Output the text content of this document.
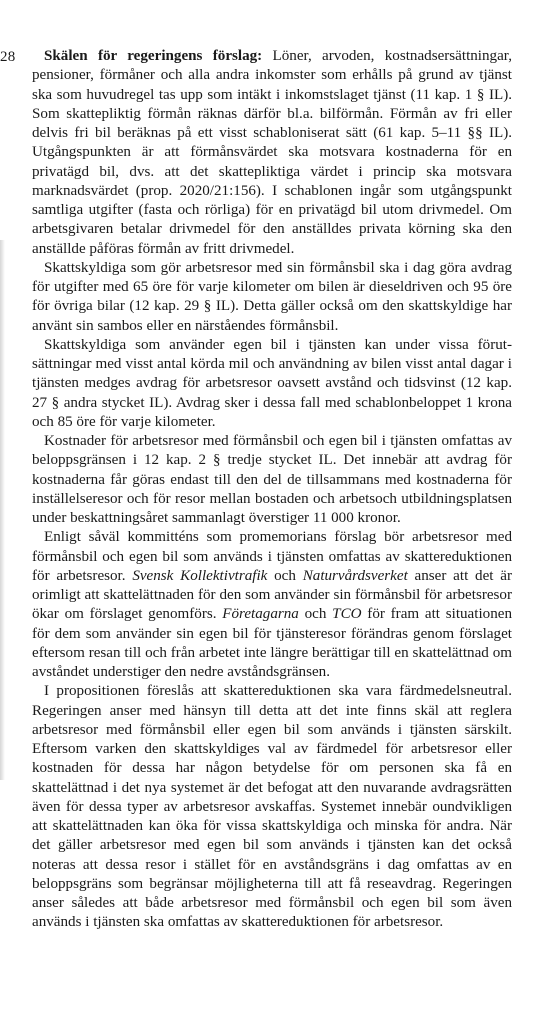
28	Skälen för regeringens förslag: Löner, arvoden, kostnadsersättningar, pensioner, förmåner och alla andra inkomster som erhålls på grund av tjänst ska som huvudregel tas upp som intäkt i inkomstslaget tjänst (11 kap. 1 § IL). Som skattepliktig förmån räknas därför bl.a. bilförmån. Förmån av fri eller delvis fri bil beräknas på ett visst schabloniserat sätt (61 kap. 5–11 §§ IL). Utgångspunkten är att förmånsvärdet ska motsvara kostnaderna för en privatägd bil, dvs. att det skattepliktiga värdet i princip ska motsvara marknadsvärdet (prop. 2020/21:156). I schablonen ingår som utgångspunkt samtliga utgifter (fasta och rörliga) för en privatägd bil utom drivmedel. Om arbetsgivaren betalar drivmedel för den anställdes privata körning ska den anställde påföras förmån av fritt drivmedel.

Skattskyldiga som gör arbetsresor med sin förmånsbil ska i dag göra avdrag för utgifter med 65 öre för varje kilometer om bilen är dieseldriven och 95 öre för övriga bilar (12 kap. 29 § IL). Detta gäller också om den skattskyldige har använt sin sambos eller en närståendes förmånsbil.

Skattskyldiga som använder egen bil i tjänsten kan under vissa förutsättningar med visst antal körda mil och användning av bilen visst antal dagar i tjänsten medges avdrag för arbetsresor oavsett avstånd och tidsvinst (12 kap. 27 § andra stycket IL). Avdrag sker i dessa fall med schablonbeloppet 1 krona och 85 öre för varje kilometer.

Kostnader för arbetsresor med förmånsbil och egen bil i tjänsten omfattas av beloppsgränsen i 12 kap. 2 § tredje stycket IL. Det innebär att avdrag för kostnaderna får göras endast till den del de tillsammans med kostnaderna för inställelseresor och för resor mellan bostaden och arbetsoch utbildningsplatsen under beskattningsåret sammanlagt överstiger 11 000 kronor.

Enligt såväl kommitténs som promemorians förslag bör arbetsresor med förmånsbil och egen bil som används i tjänsten omfattas av skattereduktionen för arbetsresor. Svensk Kollektivtrafik och Naturvårdsverket anser att det är orimligt att skattelättnaden för den som använder sin förmånsbil för arbetsresor ökar om förslaget genomförs. Företagarna och TCO för fram att situationen för dem som använder sin egen bil för tjänsteresor förändras genom förslaget eftersom resan till och från arbetet inte längre berättigar till en skattelättnad om avståndet understiger den nedre avståndsgränsen.

I propositionen föreslås att skattereduktionen ska vara färdmedelsneutral. Regeringen anser med hänsyn till detta att det inte finns skäl att reglera arbetsresor med förmånsbil eller egen bil som används i tjänsten särskilt. Eftersom varken den skattskyldiges val av färdmedel för arbetsresor eller kostnaden för dessa har någon betydelse för om personen ska få en skattelättnad i det nya systemet är det befogat att den nuvarande avdragsrätten även för dessa typer av arbetsresor avskaffas. Systemet innebär oundvikligen att skattelättnaden kan öka för vissa skattskyldiga och minska för andra. När det gäller arbetsresor med egen bil som används i tjänsten kan det också noteras att dessa resor i stället för en avståndsgräns i dag omfattas av en beloppsgräns som begränsar möjligheterna till att få reseavdrag. Regeringen anser således att både arbetsresor med förmånsbil och egen bil som även används i tjänsten ska omfattas av skattereduktionen för arbetsresor.
